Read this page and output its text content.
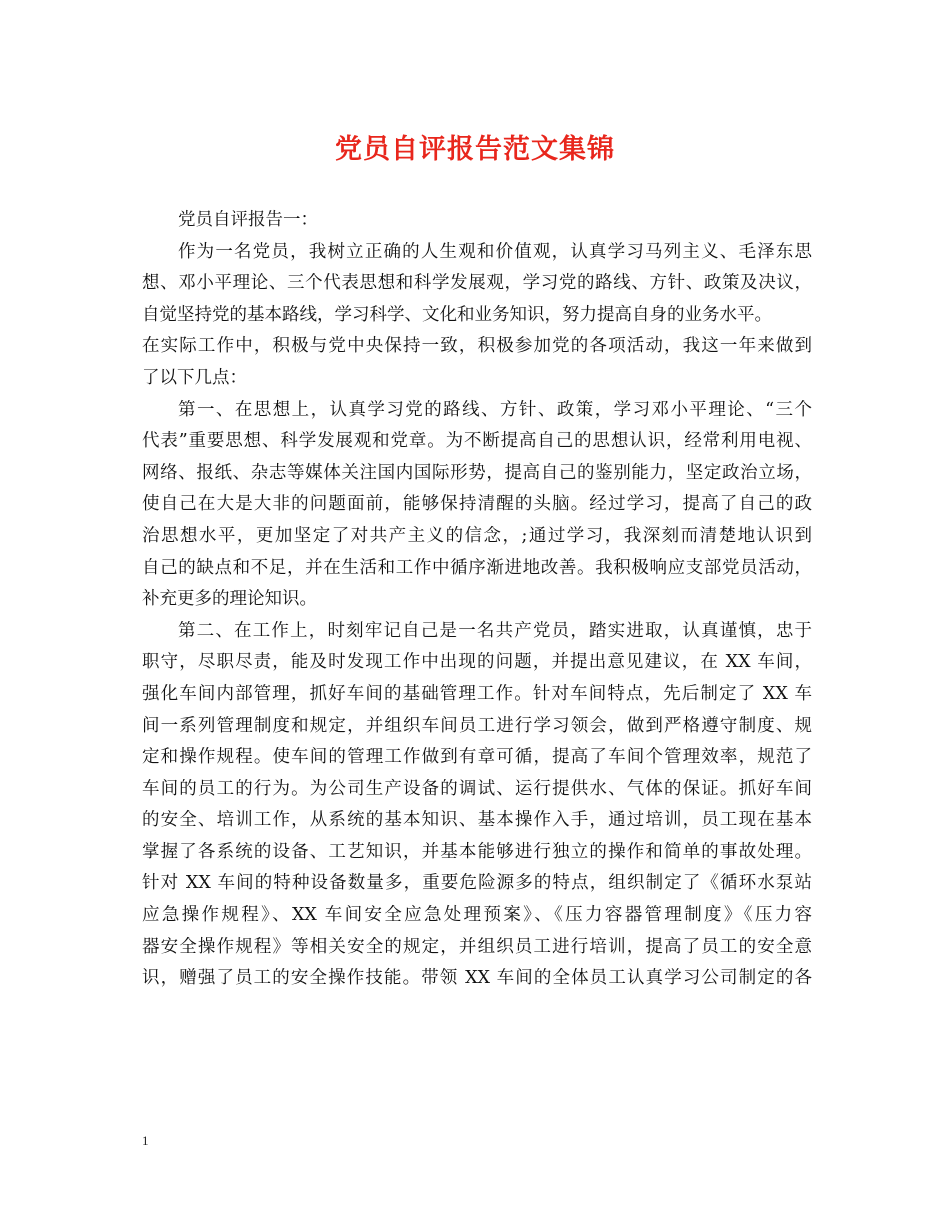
党员自评报告范文集锦

党员自评报告一：

作为一名党员，我树立正确的人生观和价值观，认真学习马列主义、毛泽东思

想、邓小平理论、三个代表思想和科学发展观，学习党的路线、方针、政策及决议，

自觉坚持党的基本路线，学习科学、文化和业务知识，努力提高自身的业务水平。

在实际工作中，积极与党中央保持一致，积极参加党的各项活动，我这一年来做到

了以下几点：

第一、在思想上，认真学习党的路线、方针、政策，学习邓小平理论、“三个

代表”重要思想、科学发展观和党章。为不断提高自己的思想认识，经常利用电视、

网络、报纸、杂志等媒体关注国内国际形势，提高自己的鉴别能力，坚定政治立场，

使自己在大是大非的问题面前，能够保持清醒的头脑。经过学习，提高了自己的政

治思想水平，更加坚定了对共产主义的信念，;通过学习，我深刻而清楚地认识到

自己的缺点和不足，并在生活和工作中循序渐进地改善。我积极响应支部党员活动，

补充更多的理论知识。

第二、在工作上，时刻牢记自己是一名共产党员，踏实进取，认真谨慎，忠于

职守，尽职尽责，能及时发现工作中出现的问题，并提出意见建议，在 XX 车间，

强化车间内部管理，抓好车间的基础管理工作。针对车间特点，先后制定了 XX 车

间一系列管理制度和规定，并组织车间员工进行学习领会，做到严格遵守制度、规

定和操作规程。使车间的管理工作做到有章可循，提高了车间个管理效率，规范了

车间的员工的行为。为公司生产设备的调试、运行提供水、气体的保证。抓好车间

的安全、培训工作，从系统的基本知识、基本操作入手，通过培训，员工现在基本

掌握了各系统的设备、工艺知识，并基本能够进行独立的操作和简单的事故处理。

针对 XX 车间的特种设备数量多，重要危险源多的特点，组织制定了《循环水泵站

应急操作规程》、XX 车间安全应急处理预案》、《压力容器管理制度》《压力容

器安全操作规程》等相关安全的规定，并组织员工进行培训，提高了员工的安全意

识，赠强了员工的安全操作技能。带领 XX 车间的全体员工认真学习公司制定的各

1
